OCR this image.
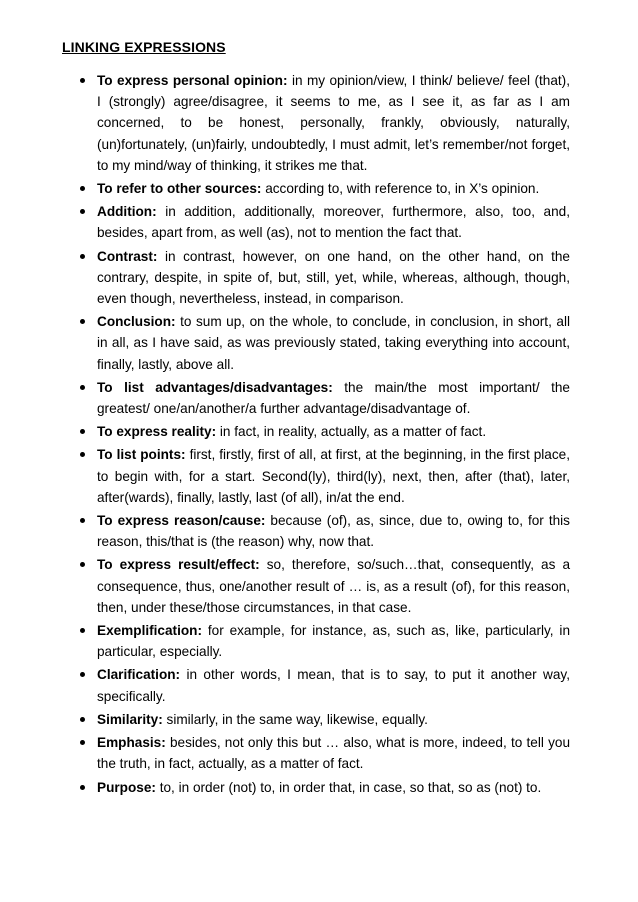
LINKING EXPRESSIONS
To express personal opinion: in my opinion/view, I think/ believe/ feel (that), I (strongly) agree/disagree, it seems to me, as I see it, as far as I am concerned, to be honest, personally, frankly, obviously, naturally, (un)fortunately, (un)fairly, undoubtedly, I must admit, let’s remember/not forget, to my mind/way of thinking, it strikes me that.
To refer to other sources: according to, with reference to, in X’s opinion.
Addition: in addition, additionally, moreover, furthermore, also, too, and, besides, apart from, as well (as), not to mention the fact that.
Contrast: in contrast, however, on one hand, on the other hand, on the contrary, despite, in spite of, but, still, yet, while, whereas, although, though, even though, nevertheless, instead, in comparison.
Conclusion: to sum up, on the whole, to conclude, in conclusion, in short, all in all, as I have said, as was previously stated, taking everything into account, finally, lastly, above all.
To list advantages/disadvantages: the main/the most important/ the greatest/ one/an/another/a further advantage/disadvantage of.
To express reality: in fact, in reality, actually, as a matter of fact.
To list points: first, firstly, first of all, at first, at the beginning, in the first place, to begin with, for a start. Second(ly), third(ly), next, then, after (that), later, after(wards), finally, lastly, last (of all), in/at the end.
To express reason/cause: because (of), as, since, due to, owing to, for this reason, this/that is (the reason) why, now that.
To express result/effect: so, therefore, so/such…that, consequently, as a consequence, thus, one/another result of … is, as a result (of), for this reason, then, under these/those circumstances, in that case.
Exemplification: for example, for instance, as, such as, like, particularly, in particular, especially.
Clarification: in other words, I mean, that is to say, to put it another way, specifically.
Similarity: similarly, in the same way, likewise, equally.
Emphasis: besides, not only this but … also, what is more, indeed, to tell you the truth, in fact, actually, as a matter of fact.
Purpose: to, in order (not) to, in order that, in case, so that, so as (not) to.
